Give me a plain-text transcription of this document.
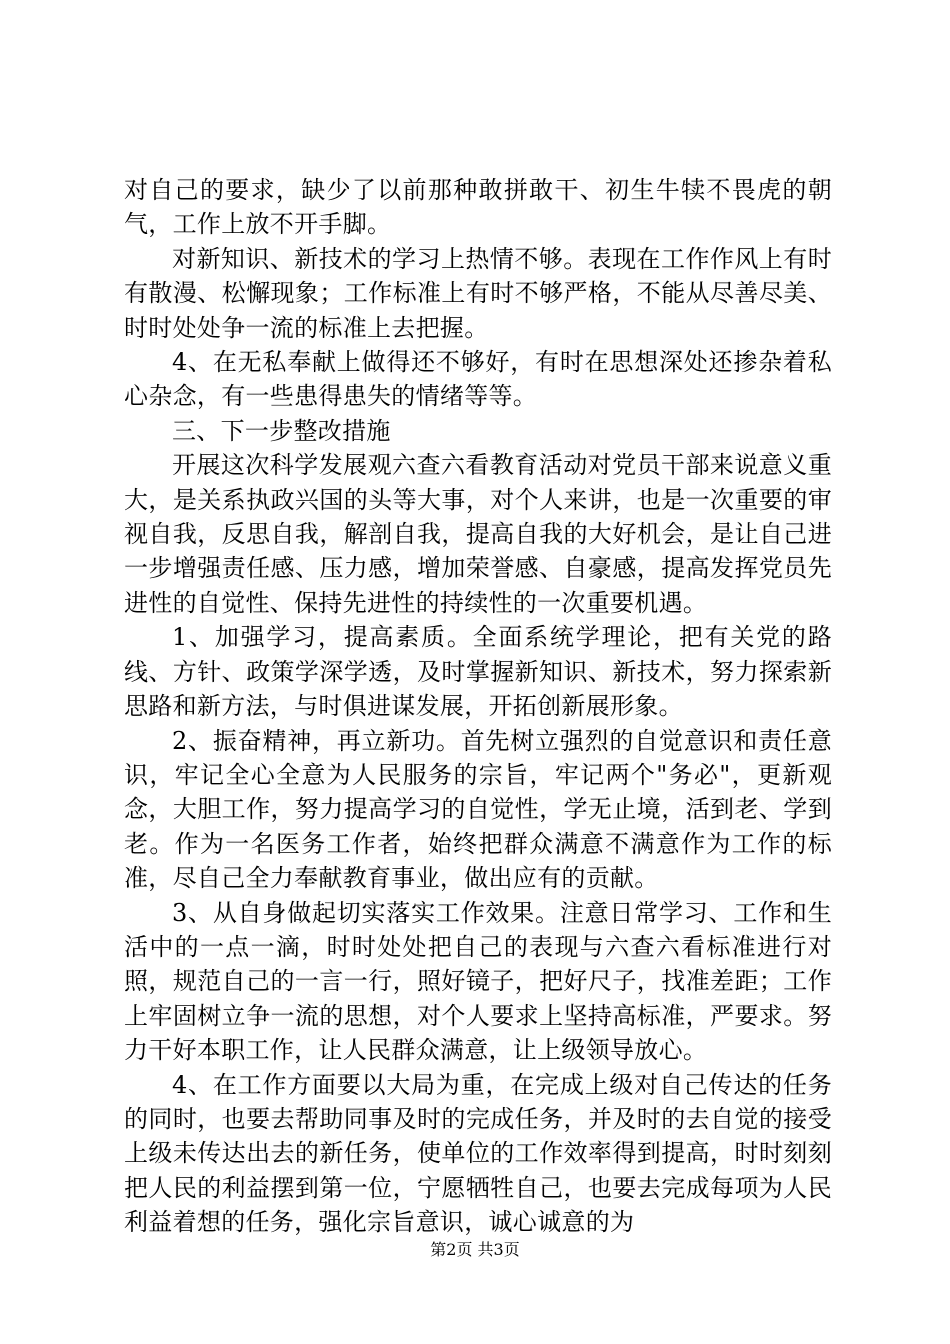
对自己的要求，缺少了以前那种敢拼敢干、初生牛犊不畏虎的朝气，工作上放不开手脚。

对新知识、新技术的学习上热情不够。表现在工作作风上有时有散漫、松懈现象；工作标准上有时不够严格，不能从尽善尽美、时时处处争一流的标准上去把握。

4、在无私奉献上做得还不够好，有时在思想深处还掺杂着私心杂念，有一些患得患失的情绪等等。

三、下一步整改措施

开展这次科学发展观六查六看教育活动对党员干部来说意义重大，是关系执政兴国的头等大事，对个人来讲，也是一次重要的审视自我，反思自我，解剖自我，提高自我的大好机会，是让自己进一步增强责任感、压力感，增加荣誉感、自豪感，提高发挥党员先进性的自觉性、保持先进性的持续性的一次重要机遇。

1、加强学习，提高素质。全面系统学理论，把有关党的路线、方针、政策学深学透，及时掌握新知识、新技术，努力探索新思路和新方法，与时俱进谋发展，开拓创新展形象。

2、振奋精神，再立新功。首先树立强烈的自觉意识和责任意识，牢记全心全意为人民服务的宗旨，牢记两个"务必"，更新观念，大胆工作，努力提高学习的自觉性，学无止境，活到老、学到老。作为一名医务工作者，始终把群众满意不满意作为工作的标准，尽自己全力奉献教育事业，做出应有的贡献。

3、从自身做起切实落实工作效果。注意日常学习、工作和生活中的一点一滴，时时处处把自己的表现与六查六看标准进行对照，规范自己的一言一行，照好镜子，把好尺子，找准差距；工作上牢固树立争一流的思想，对个人要求上坚持高标准，严要求。努力干好本职工作，让人民群众满意，让上级领导放心。

4、在工作方面要以大局为重，在完成上级对自己传达的任务的同时，也要去帮助同事及时的完成任务，并及时的去自觉的接受上级未传达出去的新任务，使单位的工作效率得到提高，时时刻刻把人民的利益摆到第一位，宁愿牺牲自己，也要去完成每项为人民利益着想的任务，强化宗旨意识，诚心诚意的为

第2页 共3页
